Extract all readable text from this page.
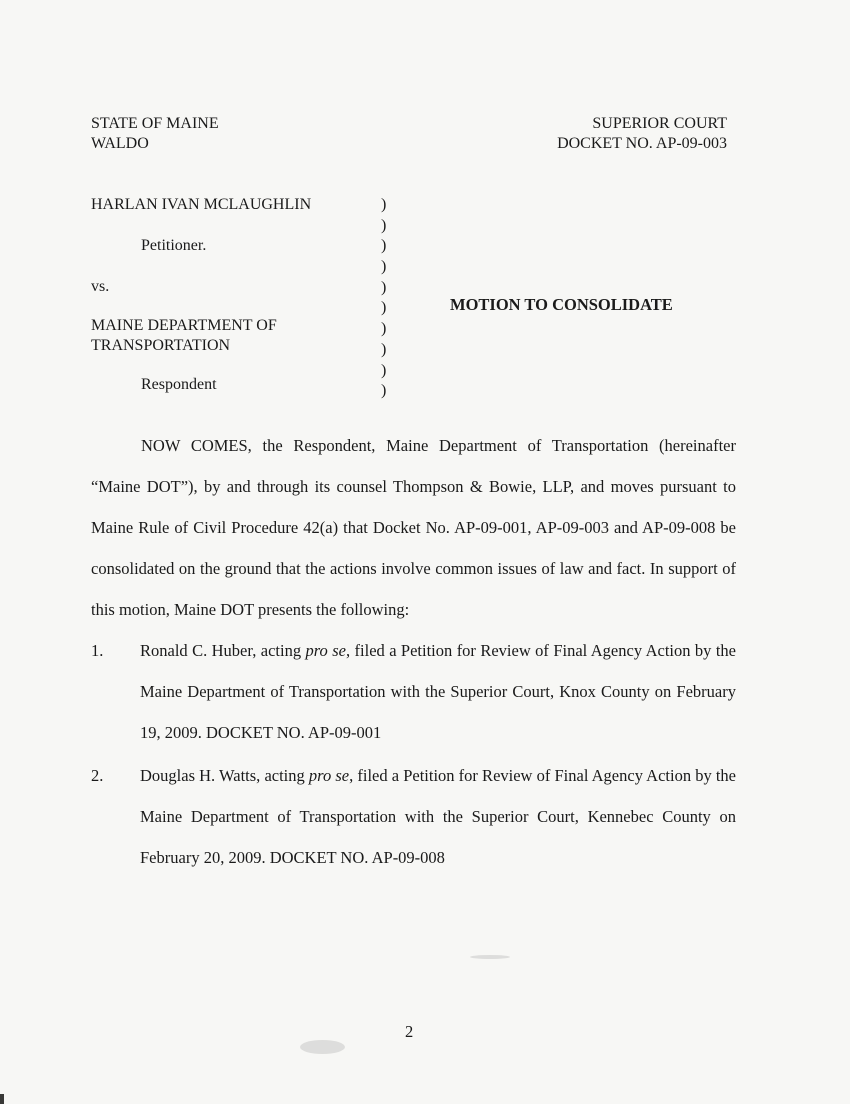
STATE OF MAINE
WALDO
SUPERIOR COURT
DOCKET NO. AP-09-003
HARLAN IVAN MCLAUGHLIN
Petitioner.
vs.
MAINE DEPARTMENT OF
TRANSPORTATION
Respondent
)
)
)
)
)
)
)
)
)
)
MOTION TO CONSOLIDATE

NOW COMES, the Respondent, Maine Department of Transportation (hereinafter “Maine DOT”), by and through its counsel Thompson & Bowie, LLP, and moves pursuant to Maine Rule of Civil Procedure 42(a) that Docket No. AP-09-001, AP-09-003 and AP-09-008 be consolidated on the ground that the actions involve common issues of law and fact. In support of this motion, Maine DOT presents the following:

1.	Ronald C. Huber, acting pro se, filed a Petition for Review of Final Agency Action by the Maine Department of Transportation with the Superior Court, Knox County on February 19, 2009. DOCKET NO. AP-09-001
2.	Douglas H. Watts, acting pro se, filed a Petition for Review of Final Agency Action by the Maine Department of Transportation with the Superior Court, Kennebec County on February 20, 2009. DOCKET NO. AP-09-008
2
